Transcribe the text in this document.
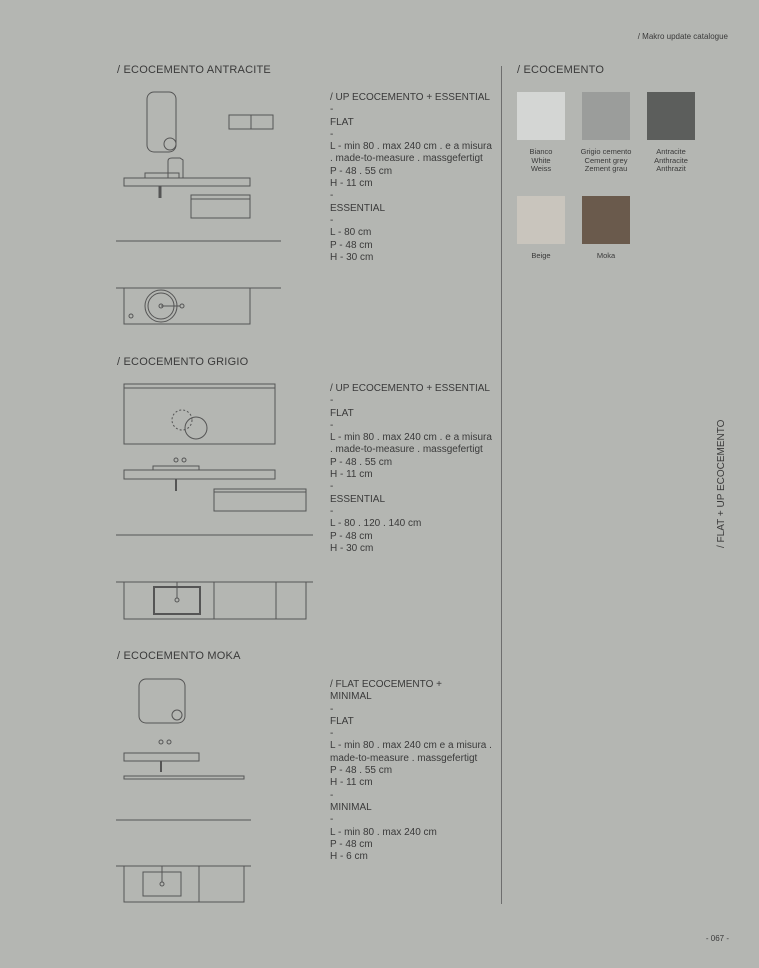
/ Makro update catalogue
/ ECOCEMENTO ANTRACITE
/ UP ECOCEMENTO + ESSENTIAL
-
FLAT
-
L - min 80 . max 240 cm . e a misura
. made-to-measure . massgefertigt
P - 48 . 55 cm
H - 11 cm
-
ESSENTIAL
-
L - 80 cm
P - 48 cm
H - 30 cm
/ ECOCEMENTO GRIGIO
/ UP ECOCEMENTO + ESSENTIAL
-
FLAT
-
L - min 80 . max 240 cm . e a misura
. made-to-measure . massgefertigt
P - 48 . 55 cm
H - 11 cm
-
ESSENTIAL
-
L - 80 . 120 . 140 cm
P - 48 cm
H - 30 cm
/ ECOCEMENTO MOKA
/ FLAT ECOCEMENTO +
MINIMAL
-
FLAT
-
L - min 80 . max 240 cm e a misura .
made-to-measure . massgefertigt
P - 48 . 55 cm
H - 11 cm
-
MINIMAL
-
L - min 80 . max 240 cm
P - 48 cm
H - 6 cm
/ ECOCEMENTO
Bianco
White
Weiss
Grigio cemento
Cement grey
Zement grau
Antracite
Anthracite
Anthrazit
Beige	Moka
/ FLAT + UP ECOCEMENTO
- 067 -
